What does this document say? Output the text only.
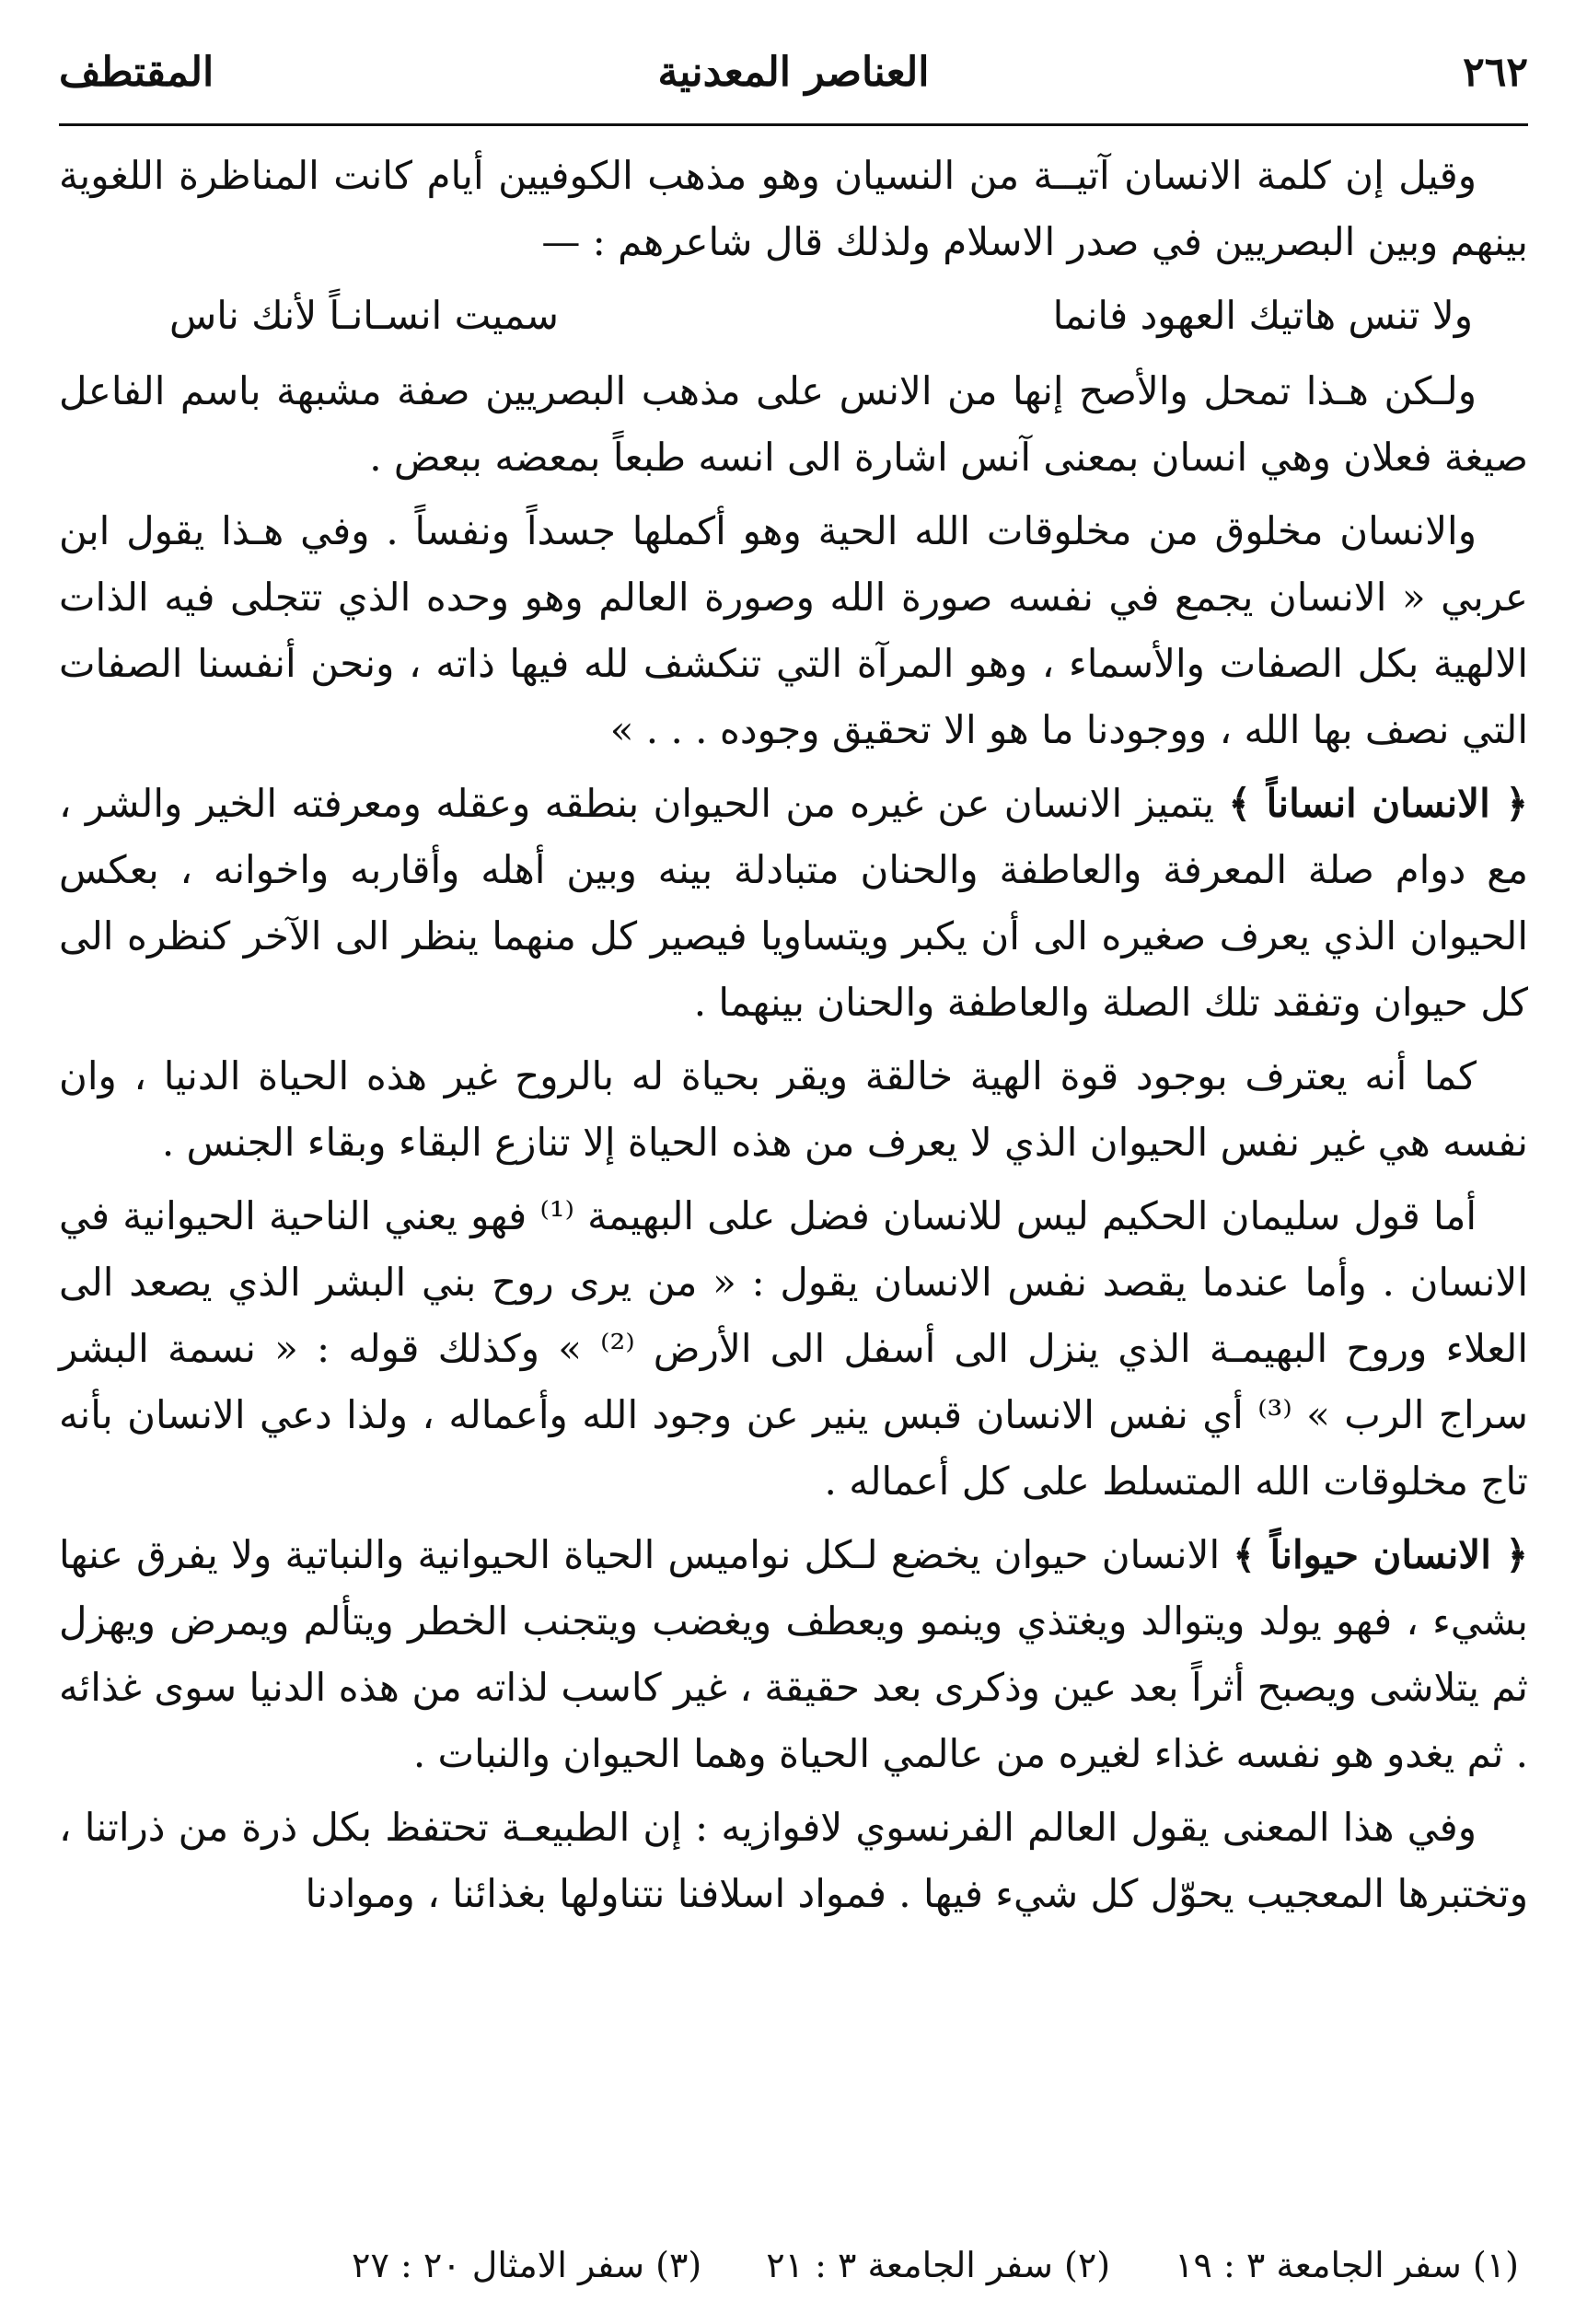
٢٦٢
العناصر المعدنية
المقتطف

وقيل إن كلمة الانسان آتيــة من النسيان وهو مذهب الكوفيين أيام كانت المناظرة اللغوية بينهم وبين البصريين في صدر الاسلام ولذلك قال شاعرهم : —

ولا تنس هاتيك العهود فانما
سميت انسـانـاً لأنك ناس

ولـكن هـذا تمحل والأصح إنها من الانس على مذهب البصريين صفة مشبهة باسم الفاعل صيغة فعلان وهي انسان بمعنى آنس اشارة الى انسه طبعاً بمعضه ببعض .

والانسان مخلوق من مخلوقات الله الحية وهو أكملها جسداً ونفساً . وفي هـذا يقول ابن عربي « الانسان يجمع في نفسه صورة الله وصورة العالم وهو وحده الذي تتجلى فيه الذات الالهية بكل الصفات والأسماء ، وهو المرآة التي تنكشف لله فيها ذاته ، ونحن أنفسنا الصفات التي نصف بها الله ، ووجودنا ما هو الا تحقيق وجوده . . . »

﴿ الانسان انساناً ﴾ يتميز الانسان عن غيره من الحيوان بنطقه وعقله ومعرفته الخير والشر ، مع دوام صلة المعرفة والعاطفة والحنان متبادلة بينه وبين أهله وأقاربه واخوانه ، بعكس الحيوان الذي يعرف صغيره الى أن يكبر ويتساويا فيصير كل منهما ينظر الى الآخر كنظره الى كل حيوان وتفقد تلك الصلة والعاطفة والحنان بينهما .

كما أنه يعترف بوجود قوة الهية خالقة ويقر بحياة له بالروح غير هذه الحياة الدنيا ، وان نفسه هي غير نفس الحيوان الذي لا يعرف من هذه الحياة إلا تنازع البقاء وبقاء الجنس .

أما قول سليمان الحكيم ليس للانسان فضل على البهيمة ⁽¹⁾ فهو يعني الناحية الحيوانية في الانسان . وأما عندما يقصد نفس الانسان يقول : « من يرى روح بني البشر الذي يصعد الى العلاء وروح البهيمـة الذي ينزل الى أسفل الى الأرض ⁽²⁾ » وكذلك قوله : « نسمة البشر سراج الرب » ⁽³⁾ أي نفس الانسان قبس ينير عن وجود الله وأعماله ، ولذا دعي الانسان بأنه تاج مخلوقات الله المتسلط على كل أعماله .

﴿ الانسان حيواناً ﴾ الانسان حيوان يخضع لـكل نواميس الحياة الحيوانية والنباتية ولا يفرق عنها بشيء ، فهو يولد ويتوالد ويغتذي وينمو ويعطف ويغضب ويتجنب الخطر ويتألم ويمرض ويهزل ثم يتلاشى ويصبح أثراً بعد عين وذكرى بعد حقيقة ، غير كاسب لذاته من هذه الدنيا سوى غذائه . ثم يغدو هو نفسه غذاء لغيره من عالمي الحياة وهما الحيوان والنبات .

وفي هذا المعنى يقول العالم الفرنسوي لافوازيه : إن الطبيعـة تحتفظ بكل ذرة من ذراتنا ، وتختبرها المعجيب يحوّل كل شيء فيها . فمواد اسلافنا نتناولها بغذائنا ، وموادنا

(١) سفر الجامعة ٣ : ١٩
(٢) سفر الجامعة ٣ : ٢١
(٣) سفر الامثال ٢٠ : ٢٧
